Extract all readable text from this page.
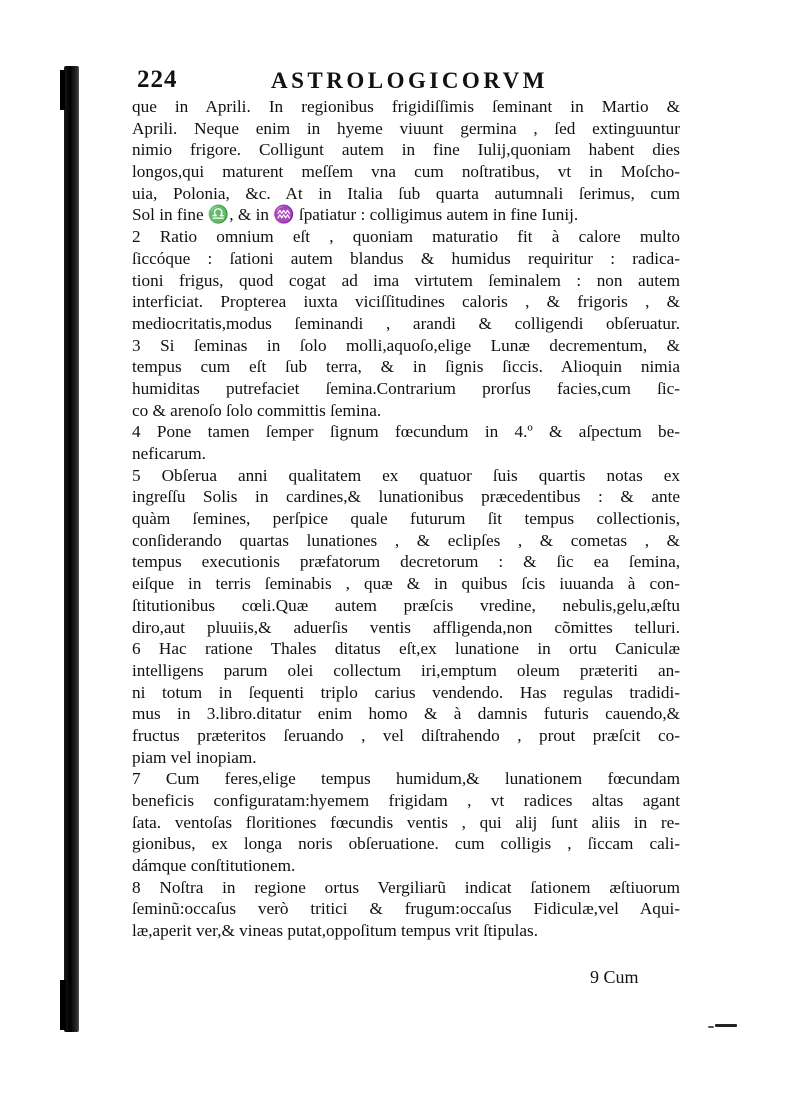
224	ASTROLOGICORVM
que in Aprili. In regionibus frigidiſſimis ſeminant in Martio &
Aprili. Neque enim in hyeme viuunt germina , ſed extinguuntur
nimio frigore. Colligunt autem in fine Iulij,quoniam habent dies
longos,qui maturent meſſem vna cum noſtratibus, vt in Moſcho-
uia, Polonia, &c. At in Italia ſub quarta autumnali ſerimus, cum
Sol in fine ♎, & in ♒ ſpatiatur : colligimus autem in fine Iunij.
2 Ratio omnium eſt , quoniam maturatio fit à calore multo
ſiccóque : ſationi autem blandus & humidus requiritur : radica-
tioni frigus, quod cogat ad ima virtutem ſeminalem : non autem
interficiat. Propterea iuxta viciſſitudines caloris , & frigoris , &
mediocritatis,modus ſeminandi , arandi & colligendi obſeruatur.
3 Si ſeminas in ſolo molli,aquoſo,elige Lunæ decrementum, &
tempus cum eſt ſub terra, & in ſignis ſiccis. Alioquin nimia
humiditas putrefaciet ſemina.Contrarium prorſus facies,cum ſic-
co & arenoſo ſolo committis ſemina.
4 Pone tamen ſemper ſignum fœcundum in 4.º & aſpectum be-
neficarum.
5 Obſerua anni qualitatem ex quatuor ſuis quartis notas ex
ingreſſu Solis in cardines,& lunationibus præcedentibus : & ante
quàm ſemines, perſpice quale futurum ſit tempus collectionis,
conſiderando quartas lunationes , & eclipſes , & cometas , &
tempus executionis præfatorum decretorum : & ſic ea ſemina,
eiſque in terris ſeminabis , quæ & in quibus ſcis iuuanda à con-
ſtitutionibus cœli.Quæ autem præſcis vredine, nebulis,gelu,æſtu
diro,aut pluuiis,& aduerſis ventis affligenda,non cõmittes telluri.
6 Hac ratione Thales ditatus eſt,ex lunatione in ortu Caniculæ
intelligens parum olei collectum iri,emptum oleum præteriti an-
ni totum in ſequenti triplo carius vendendo. Has regulas tradidi-
mus in 3.libro.ditatur enim homo & à damnis futuris cauendo,&
fructus præteritos ſeruando , vel diſtrahendo , prout præſcit co-
piam vel inopiam.
7 Cum feres,elige tempus humidum,& lunationem fœcundam
beneficis configuratam:hyemem frigidam , vt radices altas agant
ſata. ventoſas floritiones fœcundis ventis , qui alij ſunt aliis in re-
gionibus, ex longa noris obſeruatione. cum colligis , ſiccam cali-
dámque conſtitutionem.
8 Noſtra in regione ortus Vergiliarũ indicat ſationem æſtiuorum
ſeminũ:occaſus verò tritici & frugum:occaſus Fidiculæ,vel Aqui-
læ,aperit ver,& vineas putat,oppoſitum tempus vrit ſtipulas.
9 Cum
